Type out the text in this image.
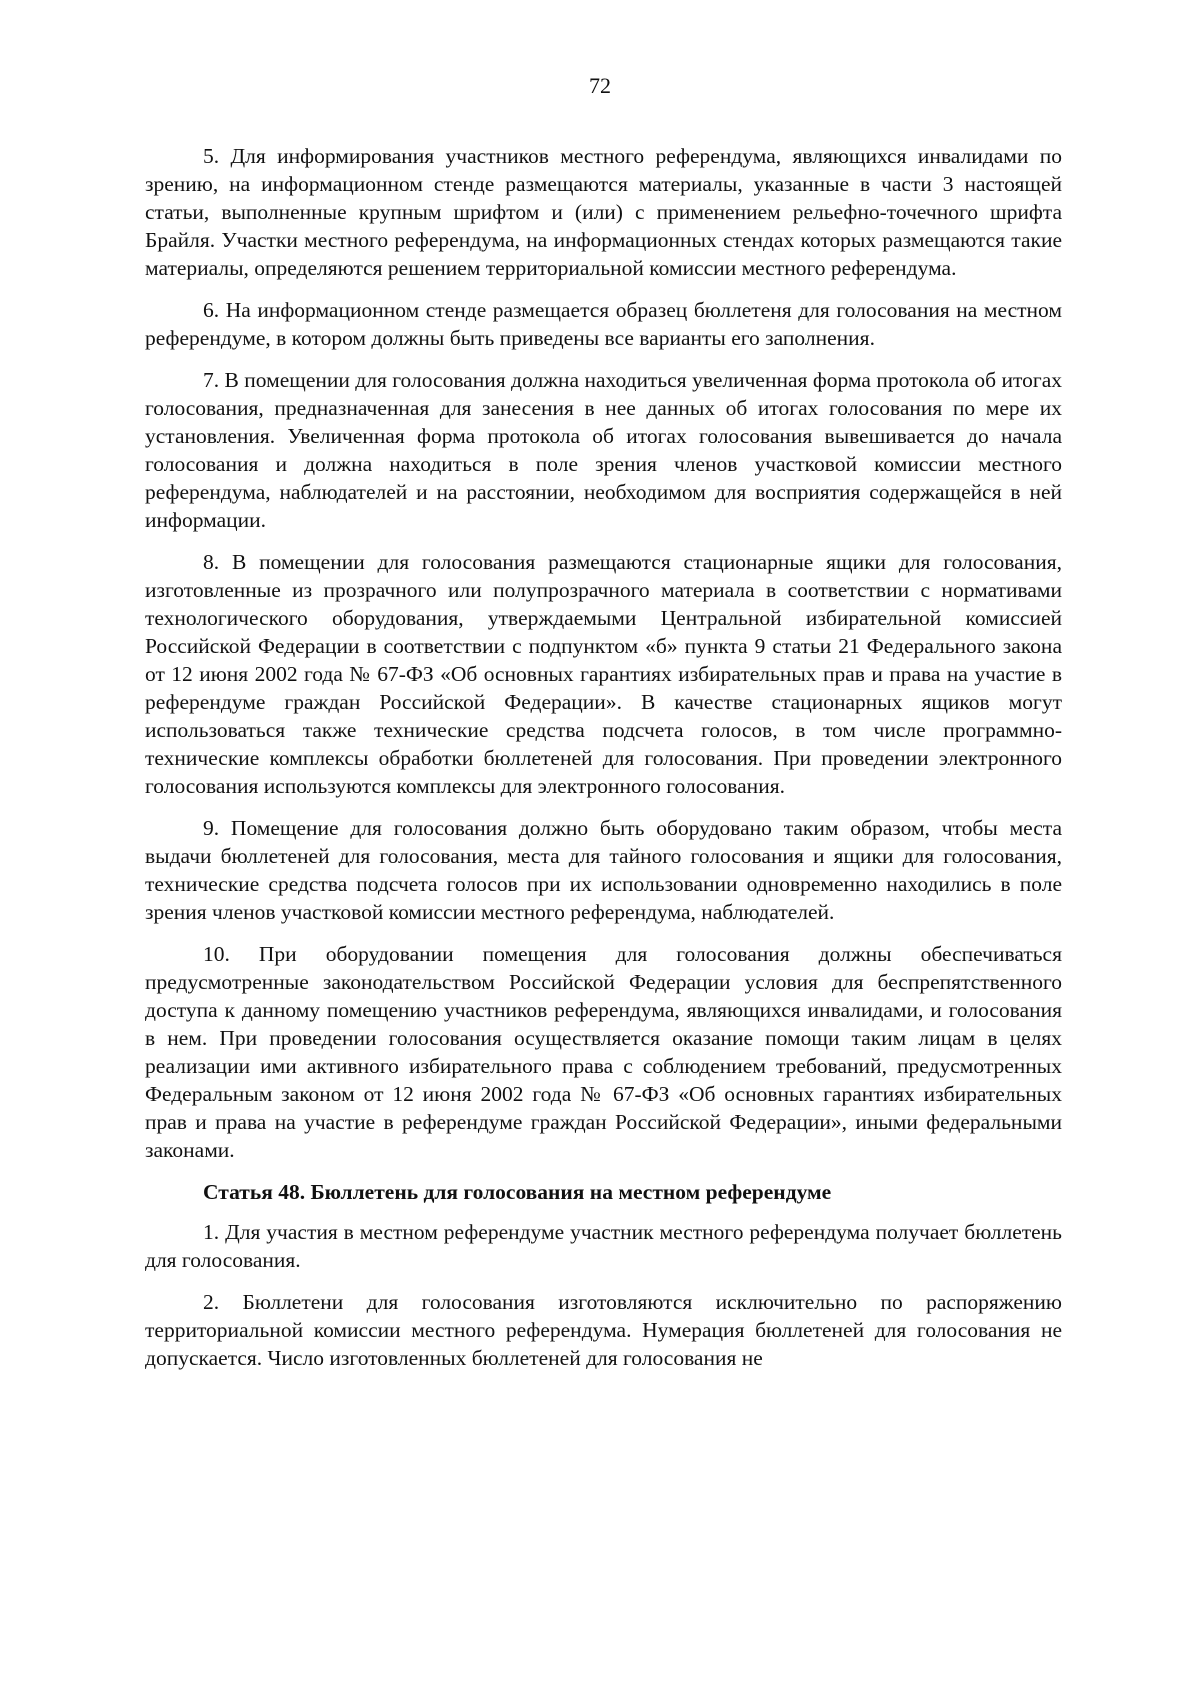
72

5. Для информирования участников местного референдума, являющихся инвалидами по зрению, на информационном стенде размещаются материалы, указанные в части 3 настоящей статьи, выполненные крупным шрифтом и (или) с применением рельефно-точечного шрифта Брайля. Участки местного референдума, на информационных стендах которых размещаются такие материалы, определяются решением территориальной комиссии местного референдума.

6. На информационном стенде размещается образец бюллетеня для голосования на местном референдуме, в котором должны быть приведены все варианты его заполнения.

7. В помещении для голосования должна находиться увеличенная форма протокола об итогах голосования, предназначенная для занесения в нее данных об итогах голосования по мере их установления. Увеличенная форма протокола об итогах голосования вывешивается до начала голосования и должна находиться в поле зрения членов участковой комиссии местного референдума, наблюдателей и на расстоянии, необходимом для восприятия содержащейся в ней информации.

8. В помещении для голосования размещаются стационарные ящики для голосования, изготовленные из прозрачного или полупрозрачного материала в соответствии с нормативами технологического оборудования, утверждаемыми Центральной избирательной комиссией Российской Федерации в соответствии с подпунктом «б» пункта 9 статьи 21 Федерального закона от 12 июня 2002 года № 67-ФЗ «Об основных гарантиях избирательных прав и права на участие в референдуме граждан Российской Федерации». В качестве стационарных ящиков могут использоваться также технические средства подсчета голосов, в том числе программно-технические комплексы обработки бюллетеней для голосования. При проведении электронного голосования используются комплексы для электронного голосования.

9. Помещение для голосования должно быть оборудовано таким образом, чтобы места выдачи бюллетеней для голосования, места для тайного голосования и ящики для голосования, технические средства подсчета голосов при их использовании одновременно находились в поле зрения членов участковой комиссии местного референдума, наблюдателей.

10. При оборудовании помещения для голосования должны обеспечиваться предусмотренные законодательством Российской Федерации условия для беспрепятственного доступа к данному помещению участников референдума, являющихся инвалидами, и голосования в нем. При проведении голосования осуществляется оказание помощи таким лицам в целях реализации ими активного избирательного права с соблюдением требований, предусмотренных Федеральным законом от 12 июня 2002 года № 67-ФЗ «Об основных гарантиях избирательных прав и права на участие в референдуме граждан Российской Федерации», иными федеральными законами.

Статья 48. Бюллетень для голосования на местном референдуме

1. Для участия в местном референдуме участник местного референдума получает бюллетень для голосования.

2. Бюллетени для голосования изготовляются исключительно по распоряжению территориальной комиссии местного референдума. Нумерация бюллетеней для голосования не допускается. Число изготовленных бюллетеней для голосования не
